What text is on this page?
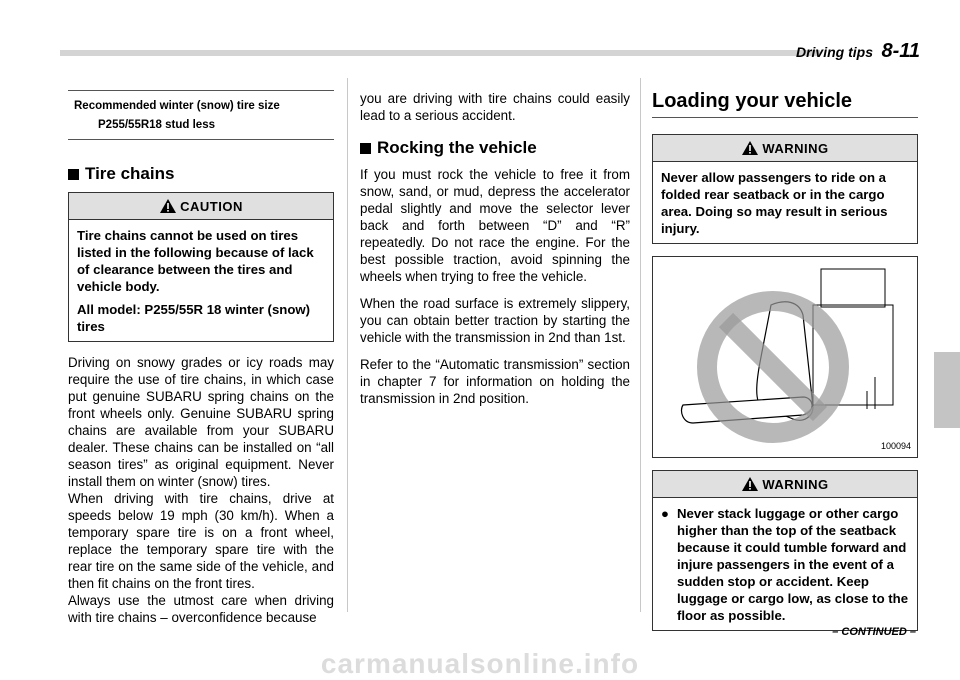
Driving tips 8-11
Recommended winter (snow) tire size
P255/55R18 stud less
Tire chains
CAUTION

Tire chains cannot be used on tires listed in the following because of lack of clearance between the tires and vehicle body.

All model: P255/55R 18 winter (snow) tires

Driving on snowy grades or icy roads may require the use of tire chains, in which case put genuine SUBARU spring chains on the front wheels only. Genuine SUBARU spring chains are available from your SUBARU dealer. These chains can be installed on “all season tires” as original equipment. Never install them on winter (snow) tires.

When driving with tire chains, drive at speeds below 19 mph (30 km/h). When a temporary spare tire is on a front wheel, replace the temporary spare tire with the rear tire on the same side of the vehicle, and then fit chains on the front tires.

Always use the utmost care when driving with tire chains – overconfidence because

you are driving with tire chains could easily lead to a serious accident.

Rocking the vehicle

If you must rock the vehicle to free it from snow, sand, or mud, depress the accelerator pedal slightly and move the selector lever back and forth between “D” and “R” repeatedly. Do not race the engine. For the best possible traction, avoid spinning the wheels when trying to free the vehicle.

When the road surface is extremely slippery, you can obtain better traction by starting the vehicle with the transmission in 2nd than 1st.

Refer to the “Automatic transmission” section in chapter 7 for information on holding the transmission in 2nd position.

Loading your vehicle
WARNING
Never allow passengers to ride on a folded rear seatback or in the cargo area. Doing so may result in serious injury.
100094
WARNING
● Never stack luggage or other cargo higher than the top of the seatback because it could tumble forward and injure passengers in the event of a sudden stop or accident. Keep luggage or cargo low, as close to the floor as possible.
– CONTINUED –
carmanualsonline.info
